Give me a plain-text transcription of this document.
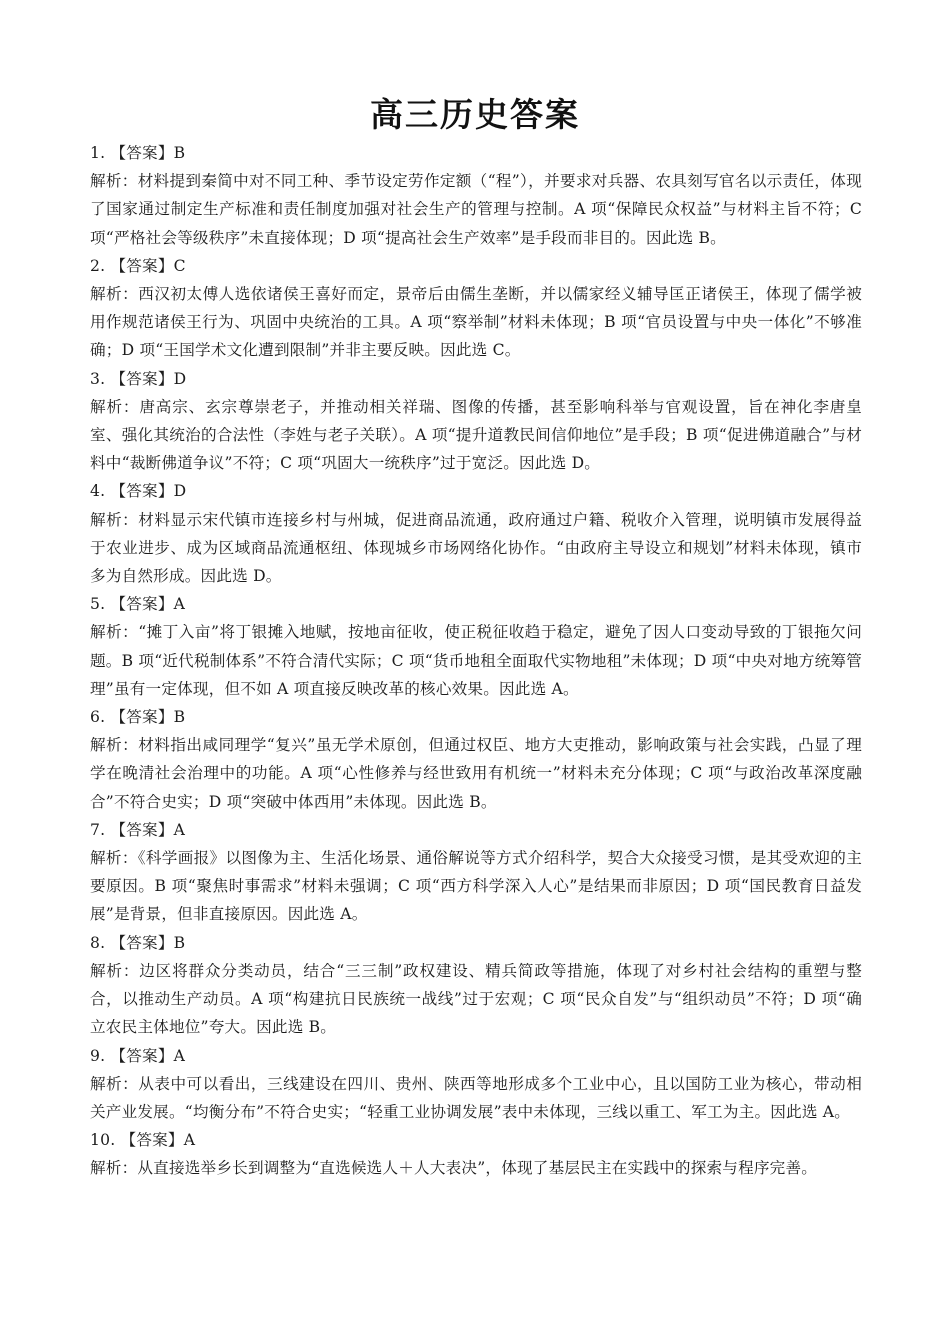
高三历史答案
1. 【答案】B
解析：材料提到秦简中对不同工种、季节设定劳作定额（“程”），并要求对兵器、农具刻写官名以示责任，体现了国家通过制定生产标准和责任制度加强对社会生产的管理与控制。A 项“保障民众权益”与材料主旨不符；C 项“严格社会等级秩序”未直接体现；D 项“提高社会生产效率”是手段而非目的。因此选 B。
2. 【答案】C
解析：西汉初太傅人选依诸侯王喜好而定，景帝后由儒生垄断，并以儒家经义辅导匡正诸侯王，体现了儒学被用作规范诸侯王行为、巩固中央统治的工具。A 项“察举制”材料未体现；B 项“官员设置与中央一体化”不够准确；D 项“王国学术文化遭到限制”并非主要反映。因此选 C。
3. 【答案】D
解析：唐高宗、玄宗尊崇老子，并推动相关祥瑞、图像的传播，甚至影响科举与官观设置，旨在神化李唐皇室、强化其统治的合法性（李姓与老子关联）。A 项“提升道教民间信仰地位”是手段；B 项“促进佛道融合”与材料中“裁断佛道争议”不符；C 项“巩固大一统秩序”过于宽泛。因此选 D。
4. 【答案】D
解析：材料显示宋代镇市连接乡村与州城，促进商品流通，政府通过户籍、税收介入管理，说明镇市发展得益于农业进步、成为区域商品流通枢纽、体现城乡市场网络化协作。“由政府主导设立和规划”材料未体现，镇市多为自然形成。因此选 D。
5. 【答案】A
解析：“摊丁入亩”将丁银摊入地赋，按地亩征收，使正税征收趋于稳定，避免了因人口变动导致的丁银拖欠问题。B 项“近代税制体系”不符合清代实际；C 项“货币地租全面取代实物地租”未体现；D 项“中央对地方统筹管理”虽有一定体现，但不如 A 项直接反映改革的核心效果。因此选 A。
6. 【答案】B
解析：材料指出咸同理学“复兴”虽无学术原创，但通过权臣、地方大吏推动，影响政策与社会实践，凸显了理学在晚清社会治理中的功能。A 项“心性修养与经世致用有机统一”材料未充分体现；C 项“与政治改革深度融合”不符合史实；D 项“突破中体西用”未体现。因此选 B。
7. 【答案】A
解析：《科学画报》以图像为主、生活化场景、通俗解说等方式介绍科学，契合大众接受习惯，是其受欢迎的主要原因。B 项“聚焦时事需求”材料未强调；C 项“西方科学深入人心”是结果而非原因；D 项“国民教育日益发展”是背景，但非直接原因。因此选 A。
8. 【答案】B
解析：边区将群众分类动员，结合“三三制”政权建设、精兵简政等措施，体现了对乡村社会结构的重塑与整合，以推动生产动员。A 项“构建抗日民族统一战线”过于宏观；C 项“民众自发”与“组织动员”不符；D 项“确立农民主体地位”夸大。因此选 B。
9. 【答案】A
解析：从表中可以看出，三线建设在四川、贵州、陕西等地形成多个工业中心，且以国防工业为核心，带动相关产业发展。“均衡分布”不符合史实；“轻重工业协调发展”表中未体现，三线以重工、军工为主。因此选 A。
10. 【答案】A
解析：从直接选举乡长到调整为“直选候选人＋人大表决”，体现了基层民主在实践中的探索与程序完善。
